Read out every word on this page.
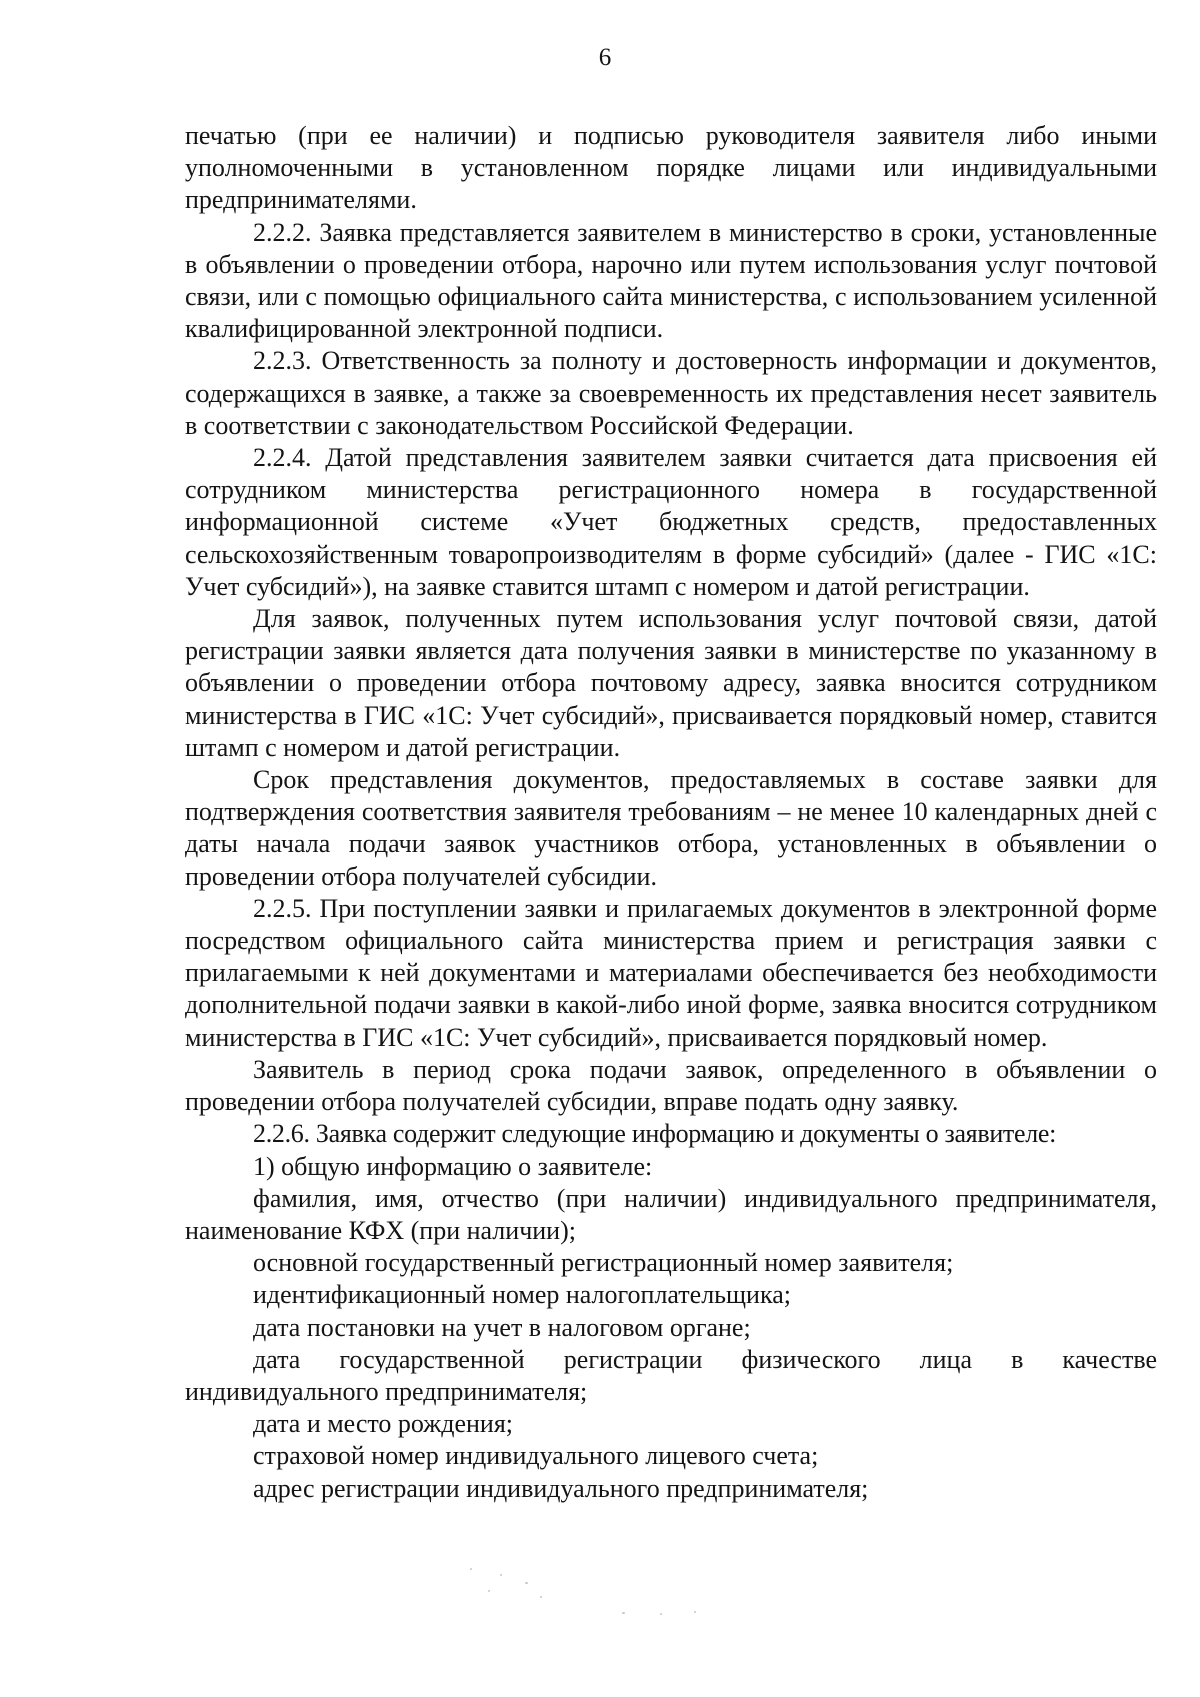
6

печатью (при ее наличии) и подписью руководителя заявителя либо иными уполномоченными в установленном порядке лицами или индивидуальными предпринимателями.

2.2.2. Заявка представляется заявителем в министерство в сроки, установленные в объявлении о проведении отбора, нарочно или путем использования услуг почтовой связи, или с помощью официального сайта министерства, с использованием усиленной квалифицированной электронной подписи.

2.2.3. Ответственность за полноту и достоверность информации и документов, содержащихся в заявке, а также за своевременность их представления несет заявитель в соответствии с законодательством Российской Федерации.

2.2.4. Датой представления заявителем заявки считается дата присвоения ей сотрудником министерства регистрационного номера в государственной информационной системе «Учет бюджетных средств, предоставленных сельскохозяйственным товаропроизводителям в форме субсидий» (далее - ГИС «1С: Учет субсидий»), на заявке ставится штамп с номером и датой регистрации.

Для заявок, полученных путем использования услуг почтовой связи, датой регистрации заявки является дата получения заявки в министерстве по указанному в объявлении о проведении отбора почтовому адресу, заявка вносится сотрудником министерства в ГИС «1С: Учет субсидий», присваивается порядковый номер, ставится штамп с номером и датой регистрации.

Срок представления документов, предоставляемых в составе заявки для подтверждения соответствия заявителя требованиям – не менее 10 календарных дней с даты начала подачи заявок участников отбора, установленных в объявлении о проведении отбора получателей субсидии.

2.2.5. При поступлении заявки и прилагаемых документов в электронной форме посредством официального сайта министерства прием и регистрация заявки с прилагаемыми к ней документами и материалами обеспечивается без необходимости дополнительной подачи заявки в какой-либо иной форме, заявка вносится сотрудником министерства в ГИС «1С: Учет субсидий», присваивается порядковый номер.

Заявитель в период срока подачи заявок, определенного в объявлении о проведении отбора получателей субсидии, вправе подать одну заявку.

2.2.6. Заявка содержит следующие информацию и документы о заявителе:

1) общую информацию о заявителе:

фамилия, имя, отчество (при наличии) индивидуального предпринимателя, наименование КФХ (при наличии);

основной государственный регистрационный номер заявителя;

идентификационный номер налогоплательщика;

дата постановки на учет в налоговом органе;

дата государственной регистрации физического лица в качестве индивидуального предпринимателя;

дата и место рождения;

страховой номер индивидуального лицевого счета;

адрес регистрации индивидуального предпринимателя;
